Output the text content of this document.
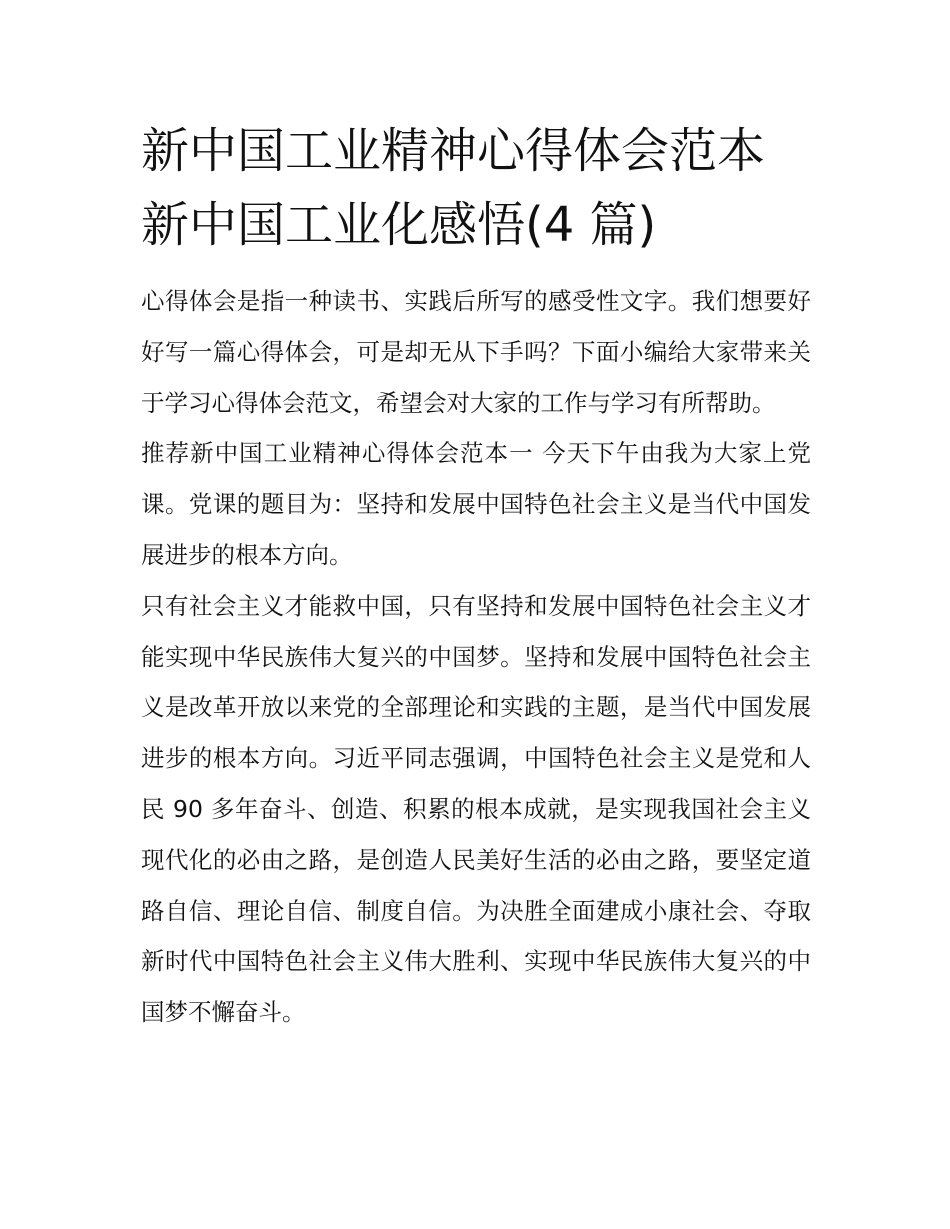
新中国工业精神心得体会范本
新中国工业化感悟(4 篇)

心得体会是指一种读书、实践后所写的感受性文字。我们想要好好写一篇心得体会，可是却无从下手吗？下面小编给大家带来关于学习心得体会范文，希望会对大家的工作与学习有所帮助。

推荐新中国工业精神心得体会范本一 今天下午由我为大家上党课。党课的题目为：坚持和发展中国特色社会主义是当代中国发展进步的根本方向。

只有社会主义才能救中国，只有坚持和发展中国特色社会主义才能实现中华民族伟大复兴的中国梦。坚持和发展中国特色社会主义是改革开放以来党的全部理论和实践的主题，是当代中国发展进步的根本方向。习近平同志强调，中国特色社会主义是党和人民 90 多年奋斗、创造、积累的根本成就，是实现我国社会主义现代化的必由之路，是创造人民美好生活的必由之路，要坚定道路自信、理论自信、制度自信。为决胜全面建成小康社会、夺取新时代中国特色社会主义伟大胜利、实现中华民族伟大复兴的中国梦不懈奋斗。
